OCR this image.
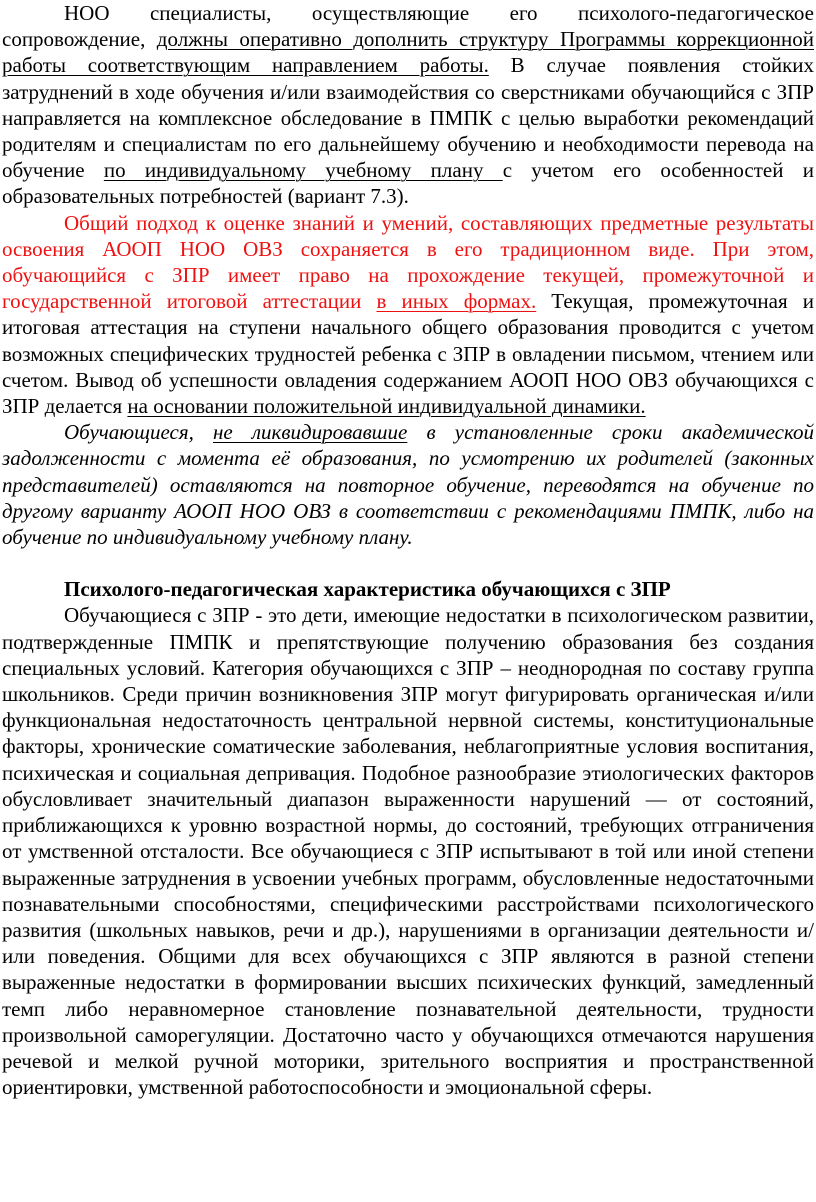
НОО специалисты, осуществляющие его психолого-педагогическое сопровождение, должны оперативно дополнить структуру Программы коррекционной работы соответствующим направлением работы. В случае появления стойких затруднений в ходе обучения и/или взаимодействия со сверстниками обучающийся с ЗПР направляется на комплексное обследование в ПМПК с целью выработки рекомендаций родителям и специалистам по его дальнейшему обучению и необходимости перевода на обучение по индивидуальному учебному плану с учетом его особенностей и образовательных потребностей (вариант 7.3).

Общий подход к оценке знаний и умений, составляющих предметные результаты освоения АООП НОО ОВЗ сохраняется в его традиционном виде. При этом, обучающийся с ЗПР имеет право на прохождение текущей, промежуточной и государственной итоговой аттестации в иных формах. Текущая, промежуточная и итоговая аттестация на ступени начального общего образования проводится с учетом возможных специфических трудностей ребенка с ЗПР в овладении письмом, чтением или счетом. Вывод об успешности овладения содержанием АООП НОО ОВЗ обучающихся с ЗПР делается на основании положительной индивидуальной динамики.

Обучающиеся, не ликвидировавшие в установленные сроки академической задолженности с момента её образования, по усмотрению их родителей (законных представителей) оставляются на повторное обучение, переводятся на обучение по другому варианту АООП НОО ОВЗ в соответствии с рекомендациями ПМПК, либо на обучение по индивидуальному учебному плану.

Психолого-педагогическая характеристика обучающихся с ЗПР

Обучающиеся с ЗПР - это дети, имеющие недостатки в психологическом развитии, подтвержденные ПМПК и препятствующие получению образования без создания специальных условий. Категория обучающихся с ЗПР – неоднородная по составу группа школьников. Среди причин возникновения ЗПР могут фигурировать органическая и/или функциональная недостаточность центральной нервной системы, конституциональные факторы, хронические соматические заболевания, неблагоприятные условия воспитания, психическая и социальная депривация. Подобное разнообразие этиологических факторов обусловливает значительный диапазон выраженности нарушений — от состояний, приближающихся к уровню возрастной нормы, до состояний, требующих отграничения от умственной отсталости. Все обучающиеся с ЗПР испытывают в той или иной степени выраженные затруднения в усвоении учебных программ, обусловленные недостаточными познавательными способностями, специфическими расстройствами психологического развития (школьных навыков, речи и др.), нарушениями в организации деятельности и/или поведения. Общими для всех обучающихся с ЗПР являются в разной степени выраженные недостатки в формировании высших психических функций, замедленный темп либо неравномерное становление познавательной деятельности, трудности произвольной саморегуляции. Достаточно часто у обучающихся отмечаются нарушения речевой и мелкой ручной моторики, зрительного восприятия и пространственной ориентировки, умственной работоспособности и эмоциональной сферы.
